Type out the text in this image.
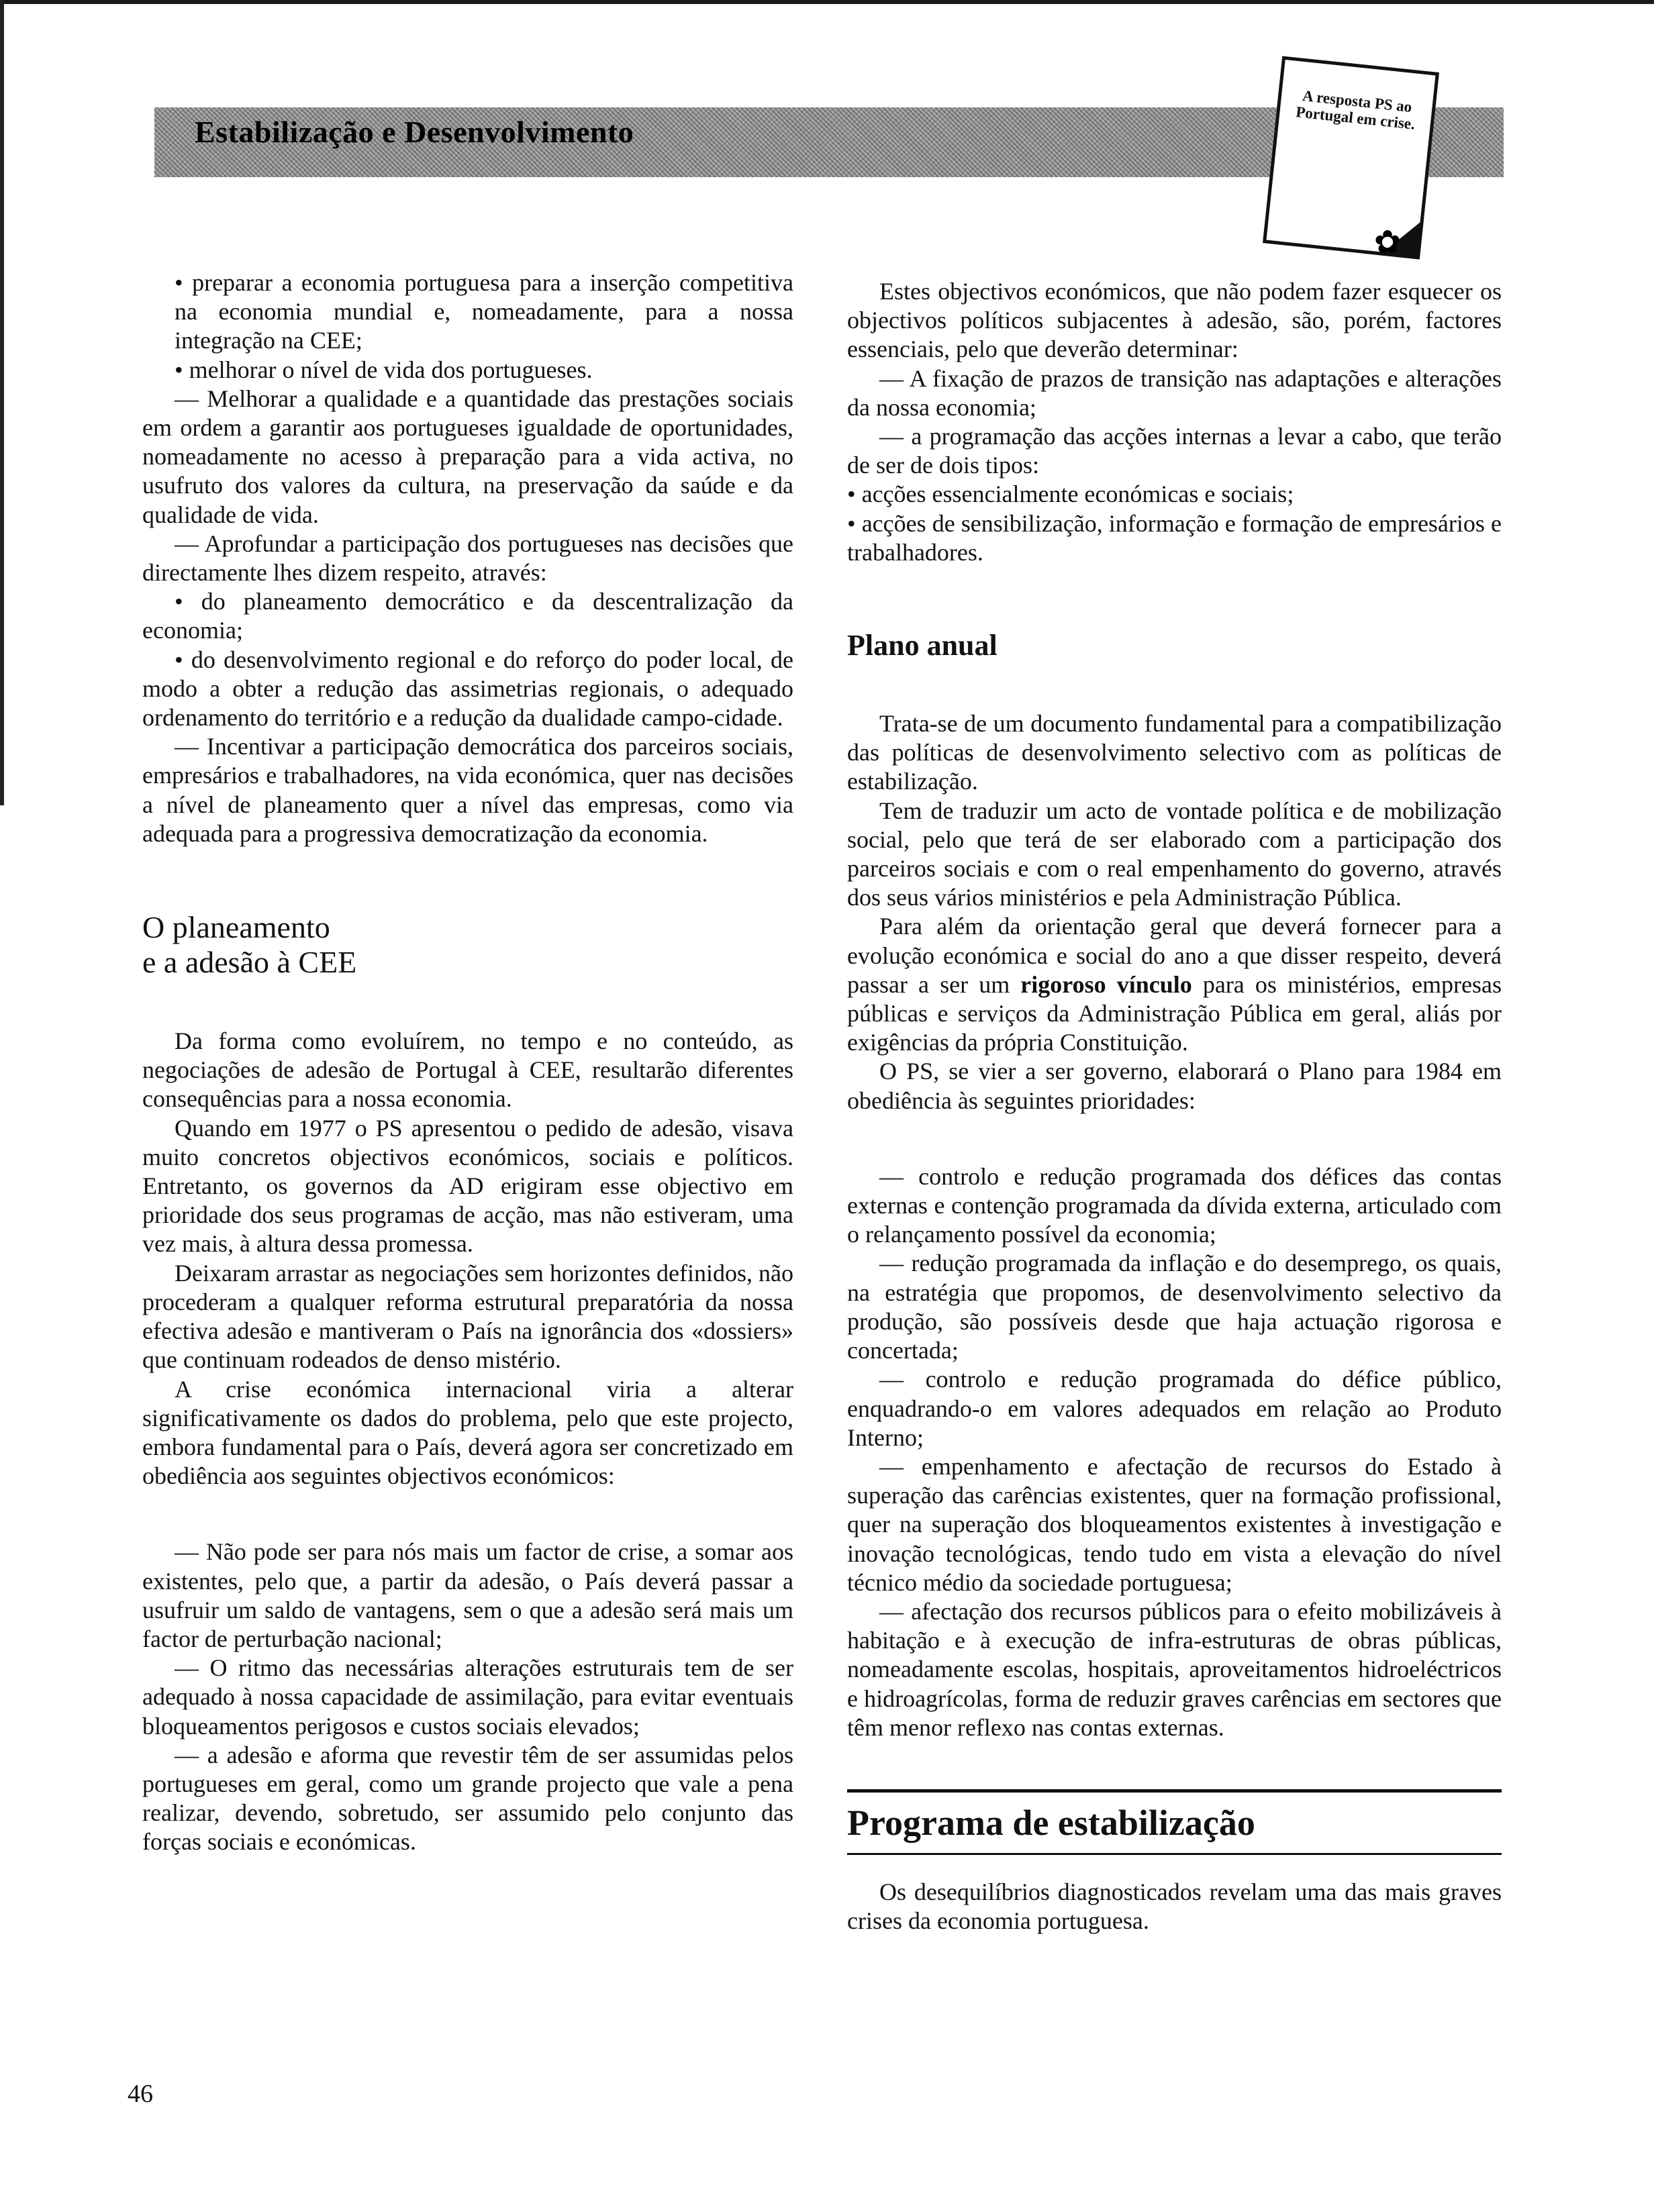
Estabilização e Desenvolvimento
A resposta PS ao Portugal em crise.
✿

• preparar a economia portuguesa para a inserção competitiva na economia mundial e, nomeadamente, para a nossa integração na CEE;

• melhorar o nível de vida dos portugueses.

— Melhorar a qualidade e a quantidade das prestações sociais em ordem a garantir aos portugueses igualdade de oportunidades, nomeadamente no acesso à preparação para a vida activa, no usufruto dos valores da cultura, na preservação da saúde e da qualidade de vida.

— Aprofundar a participação dos portugueses nas decisões que directamente lhes dizem respeito, através:

• do planeamento democrático e da descentralização da economia;

• do desenvolvimento regional e do reforço do poder local, de modo a obter a redução das assimetrias regionais, o adequado ordenamento do território e a redução da dualidade campo-cidade.

— Incentivar a participação democrática dos parceiros sociais, empresários e trabalhadores, na vida económica, quer nas decisões a nível de planeamento quer a nível das empresas, como via adequada para a progressiva democratização da economia.

O planeamento
e a adesão à CEE

Da forma como evoluírem, no tempo e no conteúdo, as negociações de adesão de Portugal à CEE, resultarão diferentes consequências para a nossa economia.

Quando em 1977 o PS apresentou o pedido de adesão, visava muito concretos objectivos económicos, sociais e políticos. Entretanto, os governos da AD erigiram esse objectivo em prioridade dos seus programas de acção, mas não estiveram, uma vez mais, à altura dessa promessa.

Deixaram arrastar as negociações sem horizontes definidos, não procederam a qualquer reforma estrutural preparatória da nossa efectiva adesão e mantiveram o País na ignorância dos «dossiers» que continuam rodeados de denso mistério.

A crise económica internacional viria a alterar significativamente os dados do problema, pelo que este projecto, embora fundamental para o País, deverá agora ser concretizado em obediência aos seguintes objectivos económicos:

— Não pode ser para nós mais um factor de crise, a somar aos existentes, pelo que, a partir da adesão, o País deverá passar a usufruir um saldo de vantagens, sem o que a adesão será mais um factor de perturbação nacional;

— O ritmo das necessárias alterações estruturais tem de ser adequado à nossa capacidade de assimilação, para evitar eventuais bloqueamentos perigosos e custos sociais elevados;

— a adesão e aforma que revestir têm de ser assumidas pelos portugueses em geral, como um grande projecto que vale a pena realizar, devendo, sobretudo, ser assumido pelo conjunto das forças sociais e económicas.

Estes objectivos económicos, que não podem fazer esquecer os objectivos políticos subjacentes à adesão, são, porém, factores essenciais, pelo que deverão determinar:

— A fixação de prazos de transição nas adaptações e alterações da nossa economia;

— a programação das acções internas a levar a cabo, que terão de ser de dois tipos:

• acções essencialmente económicas e sociais;

• acções de sensibilização, informação e formação de empresários e trabalhadores.

Plano anual

Trata-se de um documento fundamental para a compatibilização das políticas de desenvolvimento selectivo com as políticas de estabilização.

Tem de traduzir um acto de vontade política e de mobilização social, pelo que terá de ser elaborado com a participação dos parceiros sociais e com o real empenhamento do governo, através dos seus vários ministérios e pela Administração Pública.

Para além da orientação geral que deverá fornecer para a evolução económica e social do ano a que disser respeito, deverá passar a ser um rigoroso vínculo para os ministérios, empresas públicas e serviços da Administração Pública em geral, aliás por exigências da própria Constituição.

O PS, se vier a ser governo, elaborará o Plano para 1984 em obediência às seguintes prioridades:

— controlo e redução programada dos défices das contas externas e contenção programada da dívida externa, articulado com o relançamento possível da economia;

— redução programada da inflação e do desemprego, os quais, na estratégia que propomos, de desenvolvimento selectivo da produção, são possíveis desde que haja actuação rigorosa e concertada;

— controlo e redução programada do défice público, enquadrando-o em valores adequados em relação ao Produto Interno;

— empenhamento e afectação de recursos do Estado à superação das carências existentes, quer na formação profissional, quer na superação dos bloqueamentos existentes à investigação e inovação tecnológicas, tendo tudo em vista a elevação do nível técnico médio da sociedade portuguesa;

— afectação dos recursos públicos para o efeito mobilizáveis à habitação e à execução de infra-estruturas de obras públicas, nomeadamente escolas, hospitais, aproveitamentos hidroeléctricos e hidroagrícolas, forma de reduzir graves carências em sectores que têm menor reflexo nas contas externas.

Programa de estabilização

Os desequilíbrios diagnosticados revelam uma das mais graves crises da economia portuguesa.

46
